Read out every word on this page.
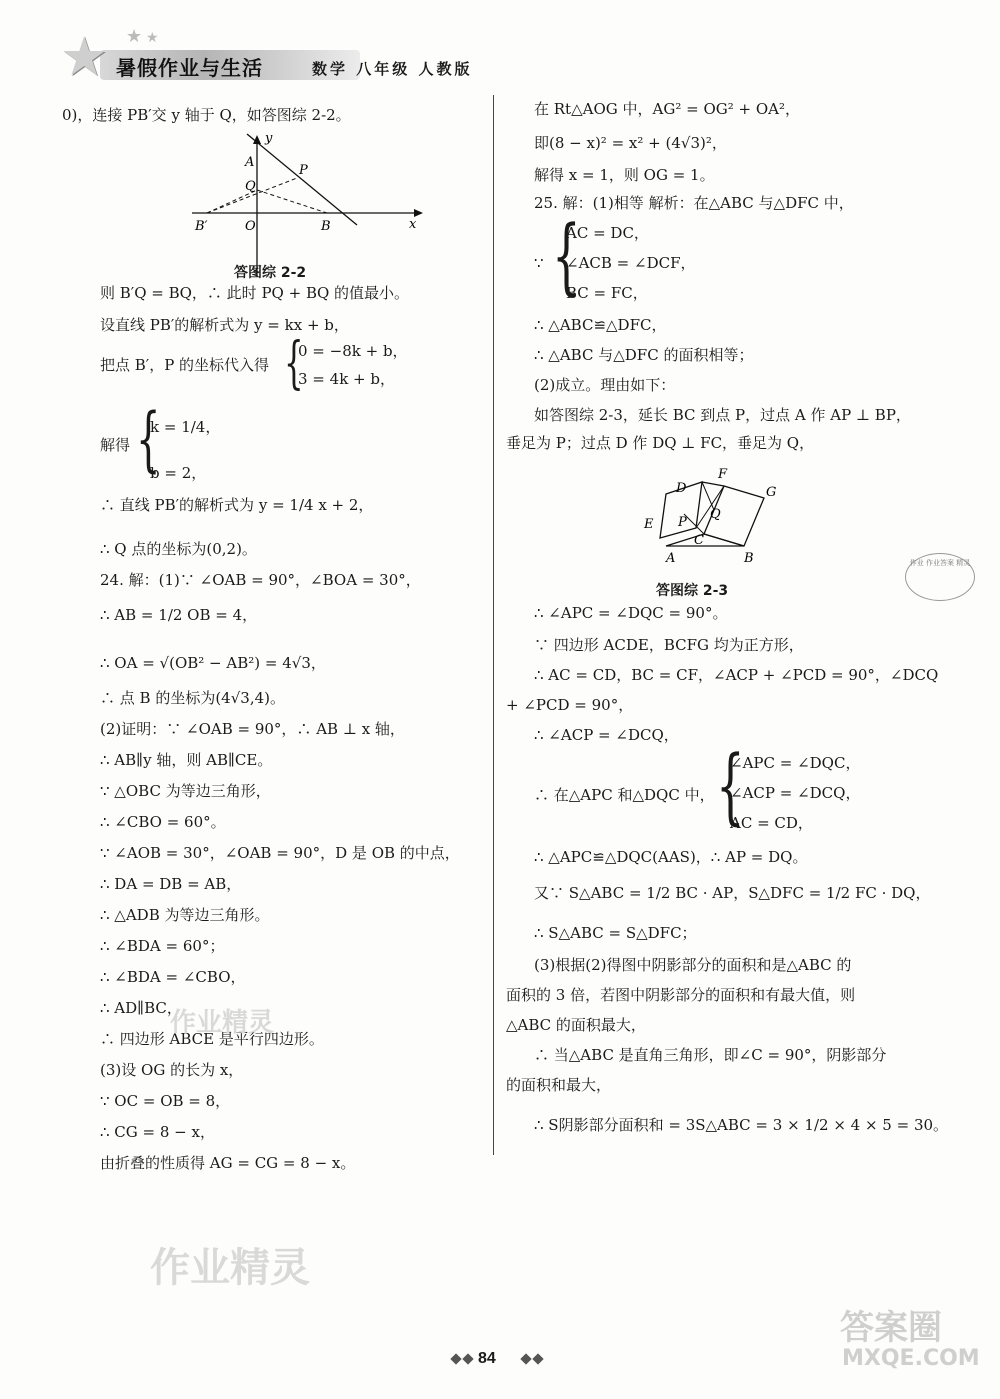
★ ★ ★
暑假作业与生活	数学 八年级 人教版
0)，连接 PB′交 y 轴于 Q，如答图综 2-2。
y
A
P
Q
B′	O	B	x
答图综 2-2
则 B′Q = BQ，∴ 此时 PQ + BQ 的值最小。
设直线 PB′的解析式为 y = kx + b，
把点 B′，P 的坐标代入得 {
0 = −8k + b，
3 = 4k + b，
解得 {
k = 1/4，
b = 2，
∴ 直线 PB′的解析式为 y = 1/4 x + 2，
∴ Q 点的坐标为(0,2)。
24. 解：(1)∵ ∠OAB = 90°，∠BOA = 30°，
∴ AB = 1/2 OB = 4，
∴ OA = √(OB² − AB²) = 4√3，
∴ 点 B 的坐标为(4√3,4)。
(2)证明：∵ ∠OAB = 90°，∴ AB ⊥ x 轴，
∴ AB∥y 轴，则 AB∥CE。
∵ △OBC 为等边三角形，
∴ ∠CBO = 60°。
∵ ∠AOB = 30°，∠OAB = 90°，D 是 OB 的中点，
∴ DA = DB = AB，
∴ △ADB 为等边三角形。
∴ ∠BDA = 60°；
∴ ∠BDA = ∠CBO，
∴ AD∥BC，
∴ 四边形 ABCE 是平行四边形。
(3)设 OG 的长为 x，
∵ OC = OB = 8，
∴ CG = 8 − x，
由折叠的性质得 AG = CG = 8 − x。
在 Rt△AOG 中，AG² = OG² + OA²，
即(8 − x)² = x² + (4√3)²，
解得 x = 1，则 OG = 1。
25. 解：(1)相等 解析：在△ABC 与△DFC 中，
∵ {
AC = DC，
∠ACB = ∠DCF，
BC = FC，
∴ △ABC≌△DFC，
∴ △ABC 与△DFC 的面积相等；
(2)成立。理由如下：
如答图综 2-3，延长 BC 到点 P，过点 A 作 AP ⊥ BP，
垂足为 P；过点 D 作 DQ ⊥ FC，垂足为 Q，
F
G
D
E P
Q
C
A	B
答图综 2-3
∴ ∠APC = ∠DQC = 90°。
∵ 四边形 ACDE，BCFG 均为正方形，
∴ AC = CD，BC = CF，∠ACP + ∠PCD = 90°，∠DCQ
+ ∠PCD = 90°，
∴ ∠ACP = ∠DCQ，
∴ 在△APC 和△DQC 中， {
∠APC = ∠DQC，
∠ACP = ∠DCQ，
AC = CD，
∴ △APC≌△DQC(AAS)，∴ AP = DQ。
又∵ S△ABC = 1/2 BC · AP，S△DFC = 1/2 FC · DQ，
∴ S△ABC = S△DFC；
(3)根据(2)得图中阴影部分的面积和是△ABC 的
面积的 3 倍，若图中阴影部分的面积和有最大值，则
△ABC 的面积最大，
∴ 当△ABC 是直角三角形，即∠C = 90°，阴影部分
的面积和最大，
∴ S阴影部分面积和 = 3S△ABC = 3 × 1/2 × 4 × 5 = 30。
作业 作业答案 精灵
作业精灵
作业精灵
答案圈
MXQE.COM
84
